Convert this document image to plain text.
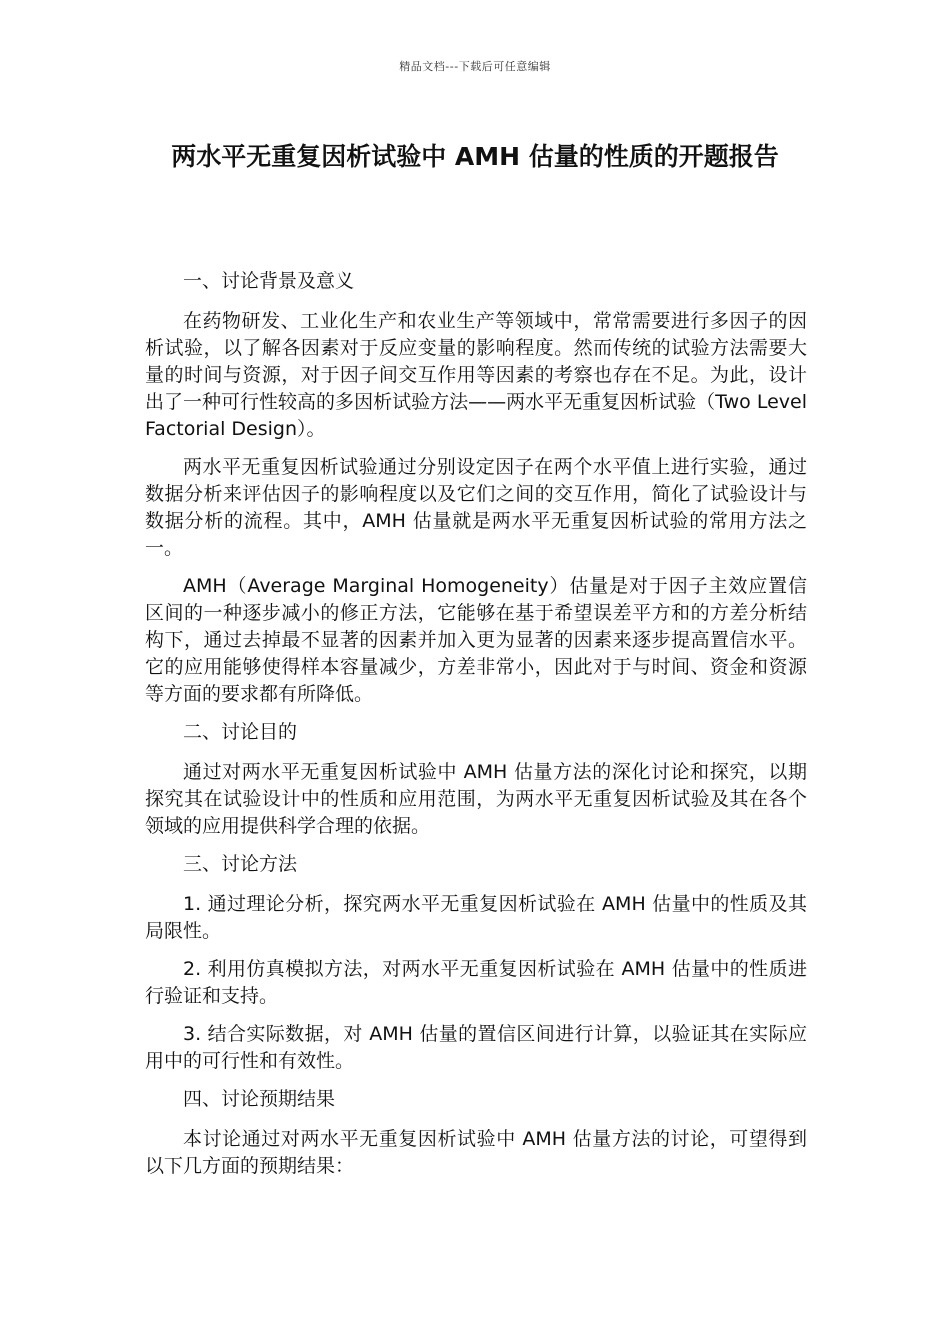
精品文档---下载后可任意编辑
两水平无重复因析试验中 AMH 估量的性质的开题报告

一、讨论背景及意义

在药物研发、工业化生产和农业生产等领域中，常常需要进行多因子的因析试验，以了解各因素对于反应变量的影响程度。然而传统的试验方法需要大量的时间与资源，对于因子间交互作用等因素的考察也存在不足。为此，设计出了一种可行性较高的多因析试验方法——两水平无重复因析试验（Two Level Factorial Design）。

两水平无重复因析试验通过分别设定因子在两个水平值上进行实验，通过数据分析来评估因子的影响程度以及它们之间的交互作用，简化了试验设计与数据分析的流程。其中，AMH 估量就是两水平无重复因析试验的常用方法之一。

AMH（Average Marginal Homogeneity）估量是对于因子主效应置信区间的一种逐步减小的修正方法，它能够在基于希望误差平方和的方差分析结构下，通过去掉最不显著的因素并加入更为显著的因素来逐步提高置信水平。它的应用能够使得样本容量减少，方差非常小，因此对于与时间、资金和资源等方面的要求都有所降低。

二、讨论目的

通过对两水平无重复因析试验中 AMH 估量方法的深化讨论和探究，以期探究其在试验设计中的性质和应用范围，为两水平无重复因析试验及其在各个领域的应用提供科学合理的依据。

三、讨论方法

1. 通过理论分析，探究两水平无重复因析试验在 AMH 估量中的性质及其局限性。

2. 利用仿真模拟方法，对两水平无重复因析试验在 AMH 估量中的性质进行验证和支持。

3. 结合实际数据，对 AMH 估量的置信区间进行计算，以验证其在实际应用中的可行性和有效性。

四、讨论预期结果

本讨论通过对两水平无重复因析试验中 AMH 估量方法的讨论，可望得到以下几方面的预期结果：
